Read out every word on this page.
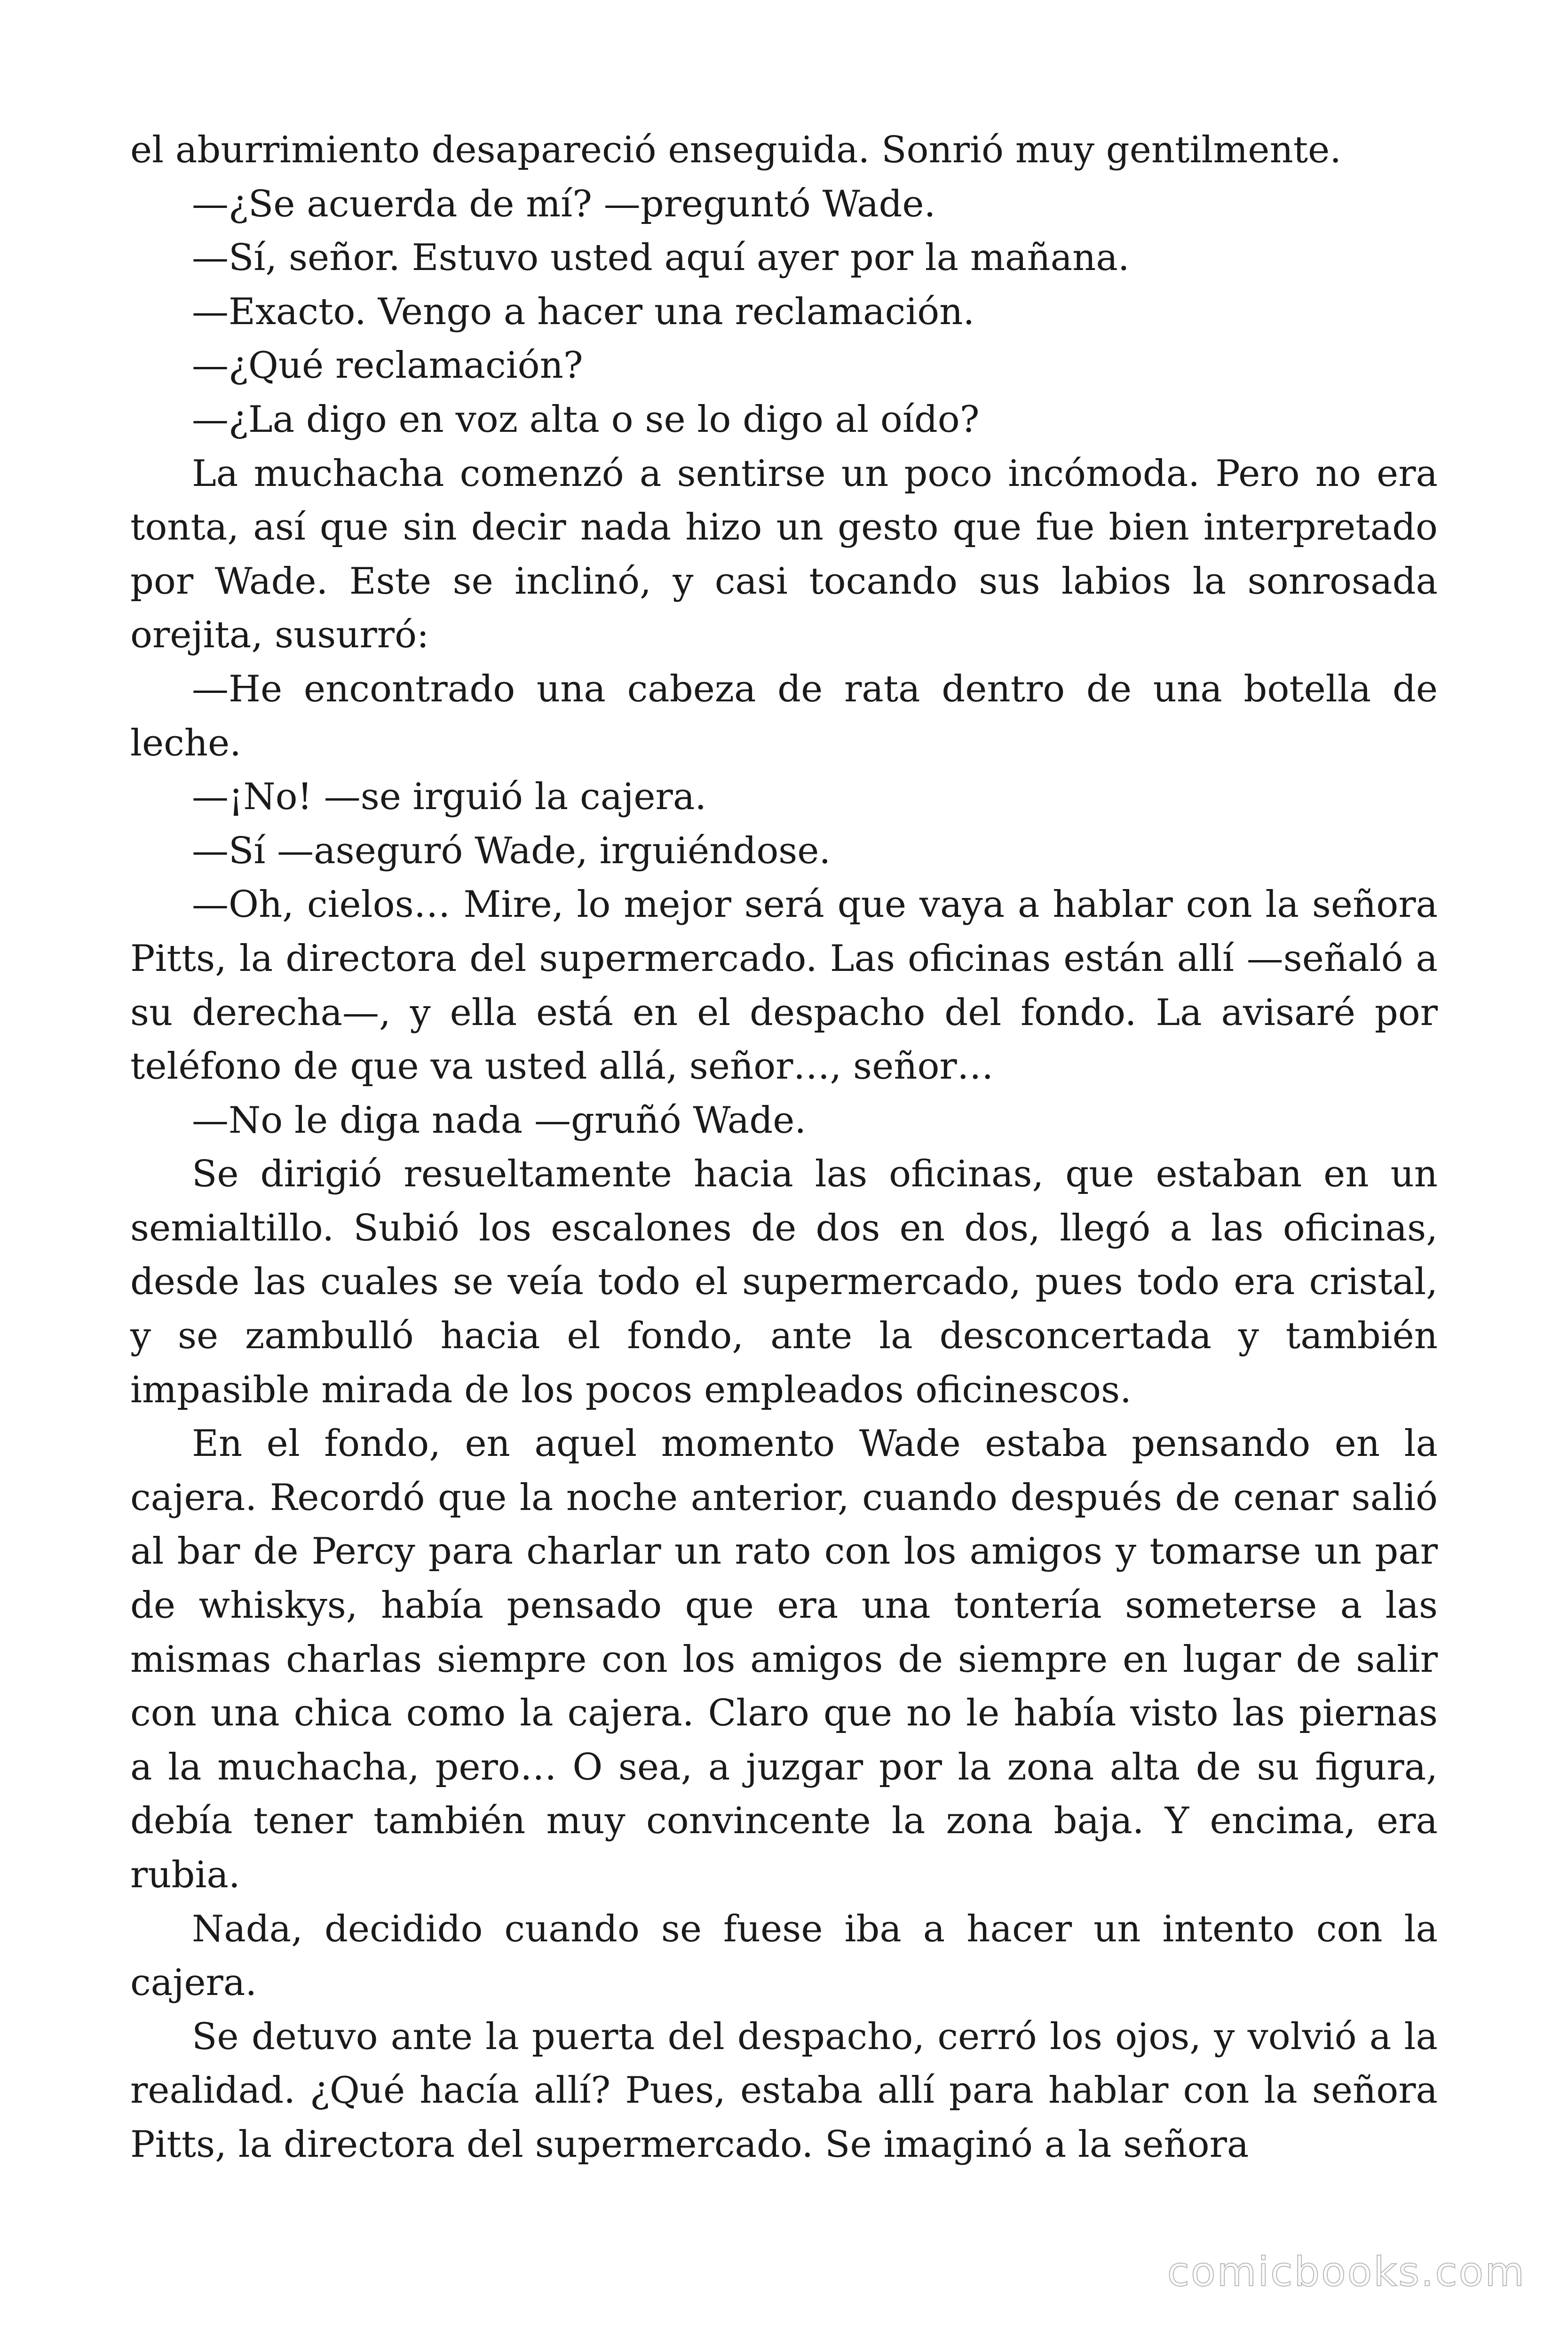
el aburrimiento desapareció enseguida. Sonrió muy gentilmente.

—¿Se acuerda de mí? —preguntó Wade.

—Sí, señor. Estuvo usted aquí ayer por la mañana.

—Exacto. Vengo a hacer una reclamación.

—¿Qué reclamación?

—¿La digo en voz alta o se lo digo al oído?

La muchacha comenzó a sentirse un poco incómoda. Pero no era tonta, así que sin decir nada hizo un gesto que fue bien interpretado por Wade. Este se inclinó, y casi tocando sus labios la sonrosada orejita, susurró:

—He encontrado una cabeza de rata dentro de una botella de leche.

—¡No! —se irguió la cajera.

—Sí —aseguró Wade, irguiéndose.

—Oh, cielos… Mire, lo mejor será que vaya a hablar con la señora Pitts, la directora del supermercado. Las oficinas están allí —señaló a su derecha—, y ella está en el despacho del fondo. La avisaré por teléfono de que va usted allá, señor…, señor…

—No le diga nada —gruñó Wade.

Se dirigió resueltamente hacia las oficinas, que estaban en un semialtillo. Subió los escalones de dos en dos, llegó a las oficinas, desde las cuales se veía todo el supermercado, pues todo era cristal, y se zambulló hacia el fondo, ante la desconcertada y también impasible mirada de los pocos empleados oficinescos.

En el fondo, en aquel momento Wade estaba pensando en la cajera. Recordó que la noche anterior, cuando después de cenar salió al bar de Percy para charlar un rato con los amigos y tomarse un par de whiskys, había pensado que era una tontería someterse a las mismas charlas siempre con los amigos de siempre en lugar de salir con una chica como la cajera. Claro que no le había visto las piernas a la muchacha, pero… O sea, a juzgar por la zona alta de su figura, debía tener también muy convincente la zona baja. Y encima, era rubia.

Nada, decidido cuando se fuese iba a hacer un intento con la cajera.

Se detuvo ante la puerta del despacho, cerró los ojos, y volvió a la realidad. ¿Qué hacía allí? Pues, estaba allí para hablar con la señora Pitts, la directora del supermercado. Se imaginó a la señora

comicbooks.com
